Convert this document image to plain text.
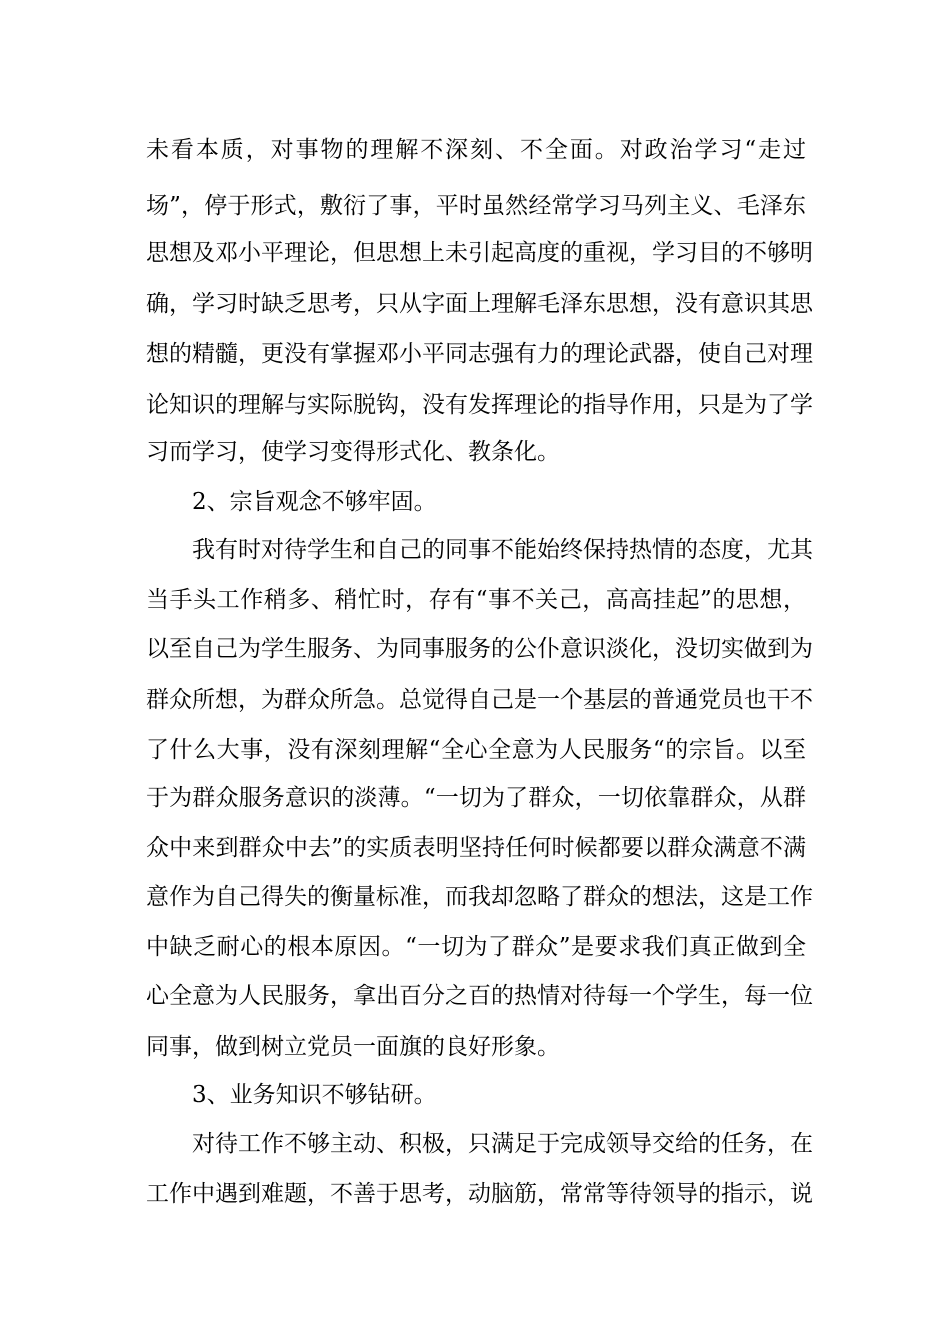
未看本质，对事物的理解不深刻、不全面。对政治学习“走过
场”，停于形式，敷衍了事，平时虽然经常学习马列主义、毛泽东
思想及邓小平理论，但思想上未引起高度的重视，学习目的不够明
确，学习时缺乏思考，只从字面上理解毛泽东思想，没有意识其思
想的精髓，更没有掌握邓小平同志强有力的理论武器，使自己对理
论知识的理解与实际脱钩，没有发挥理论的指导作用，只是为了学
习而学习，使学习变得形式化、教条化。
2、宗旨观念不够牢固。
我有时对待学生和自己的同事不能始终保持热情的态度，尤其
当手头工作稍多、稍忙时，存有“事不关己，高高挂起”的思想，
以至自己为学生服务、为同事服务的公仆意识淡化，没切实做到为
群众所想，为群众所急。总觉得自己是一个基层的普通党员也干不
了什么大事，没有深刻理解“全心全意为人民服务“的宗旨。以至
于为群众服务意识的淡薄。“一切为了群众，一切依靠群众，从群
众中来到群众中去”的实质表明坚持任何时候都要以群众满意不满
意作为自己得失的衡量标准，而我却忽略了群众的想法，这是工作
中缺乏耐心的根本原因。“一切为了群众”是要求我们真正做到全
心全意为人民服务，拿出百分之百的热情对待每一个学生，每一位
同事，做到树立党员一面旗的良好形象。
3、业务知识不够钻研。
对待工作不够主动、积极，只满足于完成领导交给的任务，在
工作中遇到难题，不善于思考，动脑筋，常常等待领导的指示，说
